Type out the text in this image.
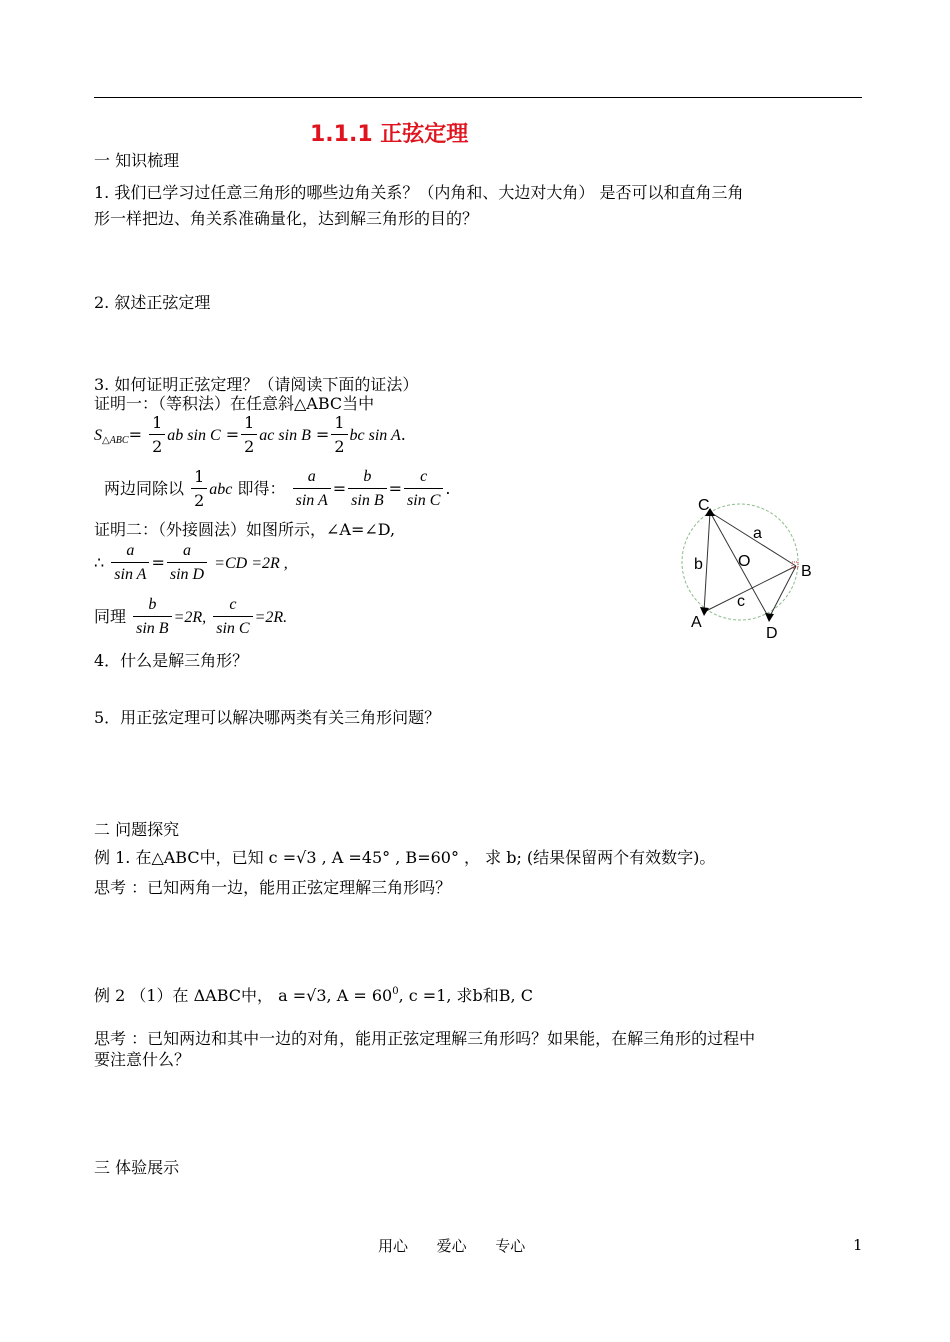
1.1.1 正弦定理
一 知识梳理
1. 我们已学习过任意三角形的哪些边角关系？（内角和、大边对大角） 是否可以和直角三角
形一样把边、角关系准确量化，达到解三角形的目的？
2. 叙述正弦定理
3. 如何证明正弦定理？（请阅读下面的证法）
证明一：（等积法）在任意斜△ABC当中
$S_{\triangle ABC}= \frac{1}{2}$ ab $\sin C = \frac{1}{2}$ ac $\sin B = \frac{1}{2}$ bc sin A.
两边同除以 $\frac{1}{2}$ abc 即得： $\frac{a}{\text{sin A}} = \frac{b}{\text{sin B}} = \frac{c}{\text{sin C}}$ .
证明二：（外接圆法）如图所示，∠A=∠D,
∴ $\frac{a}{\text{sin A}} = \frac{a}{\text{sin D}} =CD =2R$ ,
同理 $\frac{b}{\text{sin B}} =2R$, $\frac{c}{\text{sin C}} =2R$.
4．什么是解三角形？
5．用正弦定理可以解决哪两类有关三角形问题？
C
a
O
b	B
c
A
D
二 问题探究
例 1. 在△ABC中，已知 c =√3 , A =45° , B=60° ， 求 b; (结果保留两个有效数字)。
思考 ：已知两角一边，能用正弦定理解三角形吗？
例 2 （1）在 ΔABC中， a =√3, $A = 60^0$, c =1, 求b和B, C
思考 ：已知两边和其中一边的对角，能用正弦定理解三角形吗？如果能，在解三角形的过程中
要注意什么？
三 体验展示
用心      爱心      专心	1
